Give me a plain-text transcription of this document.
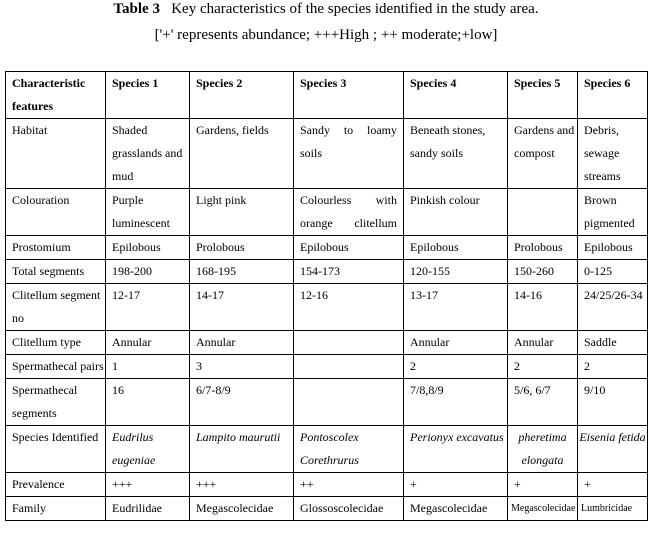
Table 3 Key characteristics of the species identified in the study area.
['+' represents abundance; +++High ; ++ moderate;+low]
Characteristic features	Species 1	Species 2	Species 3	Species 4	Species 5	Species 6
Habitat	Shaded grasslands and mud	Gardens, fields	Sandy to loamy soils	Beneath stones, sandy soils	Gardens and compost	Debris, sewage streams
Colouration	Purple luminescent	Light pink	Colourless with orange clitellum	Pinkish colour		Brown pigmented
Prostomium	Epilobous	Prolobous	Epilobous	Epilobous	Prolobous	Epilobous
Total segments	198-200	168-195	154-173	120-155	150-260	0-125
Clitellum segment no	12-17	14-17	12-16	13-17	14-16	24/25/26-34
Clitellum type	Annular	Annular		Annular	Annular	Saddle
Spermathecal pairs	1	3		2	2	2
Spermathecal segments	16	6/7-8/9		7/8,8/9	5/6, 6/7	9/10
Species Identified	Eudrilus eugeniae	Lampito maurutii	Pontoscolex Corethrurus	Perionyx excavatus	pheretima elongata	Eisenia fetida
Prevalence	+++	+++	++	+	+	+
Family	Eudrilidae	Megascolecidae	Glossoscolecidae	Megascolecidae	Megascolecidae	Lumbricidae
